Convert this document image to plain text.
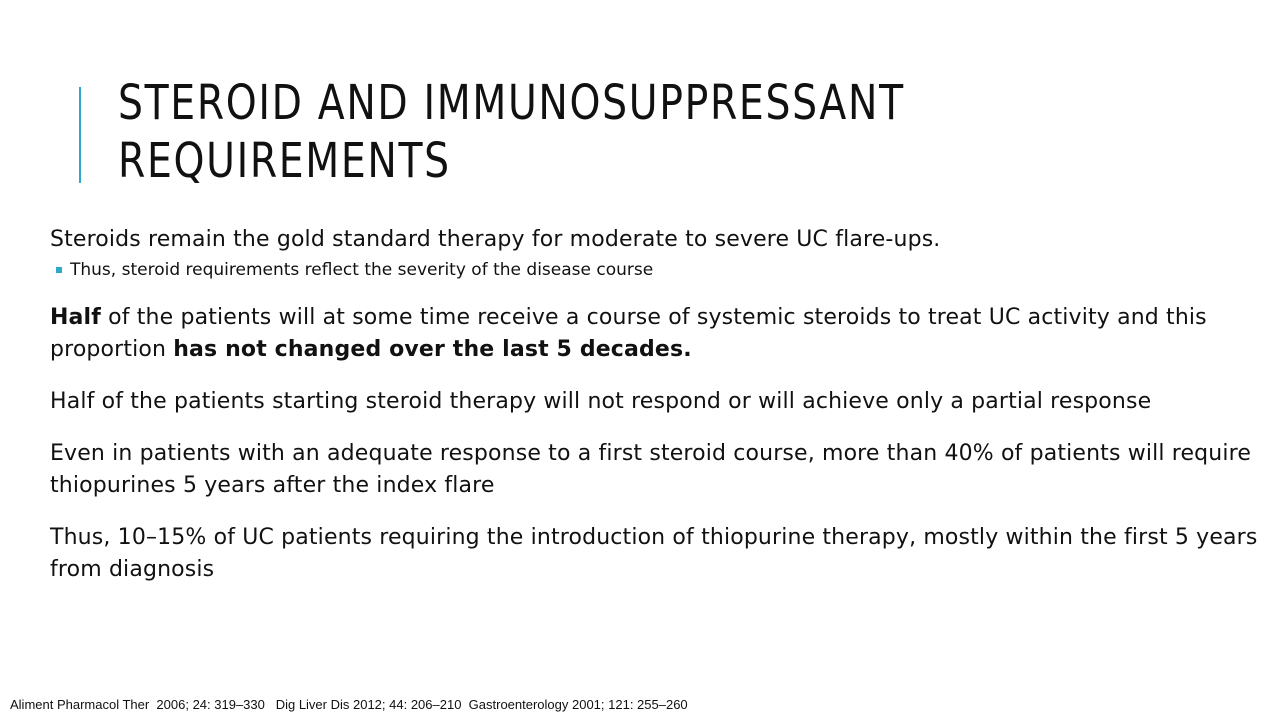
STEROID AND IMMUNOSUPPRESSANT
REQUIREMENTS

Steroids remain the gold standard therapy for moderate to severe UC flare-ups.

Thus, steroid requirements reflect the severity of the disease course

Half of the patients will at some time receive a course of systemic steroids to treat UC activity and this proportion has not changed over the last 5 decades.

Half of the patients starting steroid therapy will not respond or will achieve only a partial response

Even in patients with an adequate response to a first steroid course, more than 40% of patients will require thiopurines 5 years after the index flare

Thus, 10–15% of UC patients requiring the introduction of thiopurine therapy, mostly within the first 5 years from diagnosis

Aliment Pharmacol Ther  2006; 24: 319–330   Dig Liver Dis 2012; 44: 206–210  Gastroenterology 2001; 121: 255–260
